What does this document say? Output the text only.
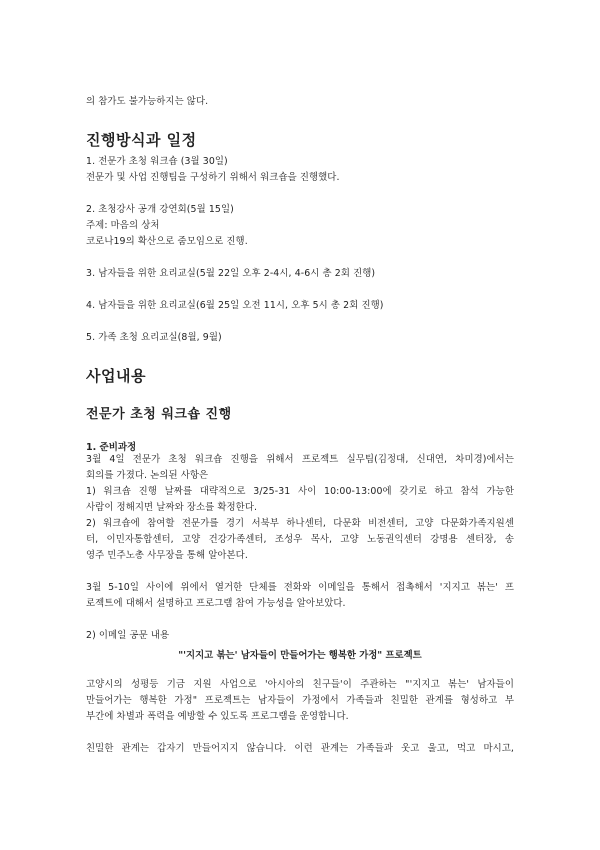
의 참가도 불가능하지는 않다.
진행방식과 일정
1. 전문가 초청 워크숍 (3월 30일)
전문가 및 사업 진행팀을 구성하기 위해서 워크숍을 진행했다.
2. 초청강사 공개 강연회(5월 15일)
주제: 마음의 상처
코로나19의 확산으로 줌모임으로 진행.
3. 남자들을 위한 요리교실(5월 22일 오후 2-4시, 4-6시 총 2회 진행)
4. 남자들을 위한 요리교실(6월 25일 오전 11시, 오후 5시 총 2회 진행)
5. 가족 초청 요리교실(8월, 9월)
사업내용
전문가 초청 워크숍 진행
1. 준비과정
3월 4일 전문가 초청 워크숍 진행을 위해서 프로젝트 실무팀(김정대, 신대연, 차미경)에서는
회의를 가졌다. 논의된 사항은
1) 워크숍 진행 날짜를 대략적으로 3/25-31 사이 10:00-13:00에 갖기로 하고 참석 가능한
사람이 정해지면 날짜와 장소를 확정한다.
2) 워크숍에 참여할 전문가를 경기 서북부 하나센터, 다문화 비전센터, 고양 다문화가족지원센
터, 이민자통합센터, 고양 건강가족센터, 조성우 목사, 고양 노동권익센터 강명용 센터장, 송
영주 민주노총 사무장을 통해 알아본다.
3월 5-10일 사이에 위에서 열거한 단체를 전화와 이메일을 통해서 접촉해서 '지지고 볶는' 프
로젝트에 대해서 설명하고 프로그램 참여 가능성을 알아보았다.
2) 이메일 공문 내용
"'지지고 볶는' 남자들이 만들어가는 행복한 가정" 프로젝트
고양시의 성평등 기금 지원 사업으로 '아시아의 친구들'이 주관하는 "'지지고 볶는' 남자들이
만들어가는 행복한 가정" 프로젝트는 남자들이 가정에서 가족들과 친밀한 관계를 형성하고 부
부간에 차별과 폭력을 예방할 수 있도록 프로그램을 운영합니다.
친밀한 관계는 갑자기 만들어지지 않습니다. 이런 관계는 가족들과 웃고 울고, 먹고 마시고,
